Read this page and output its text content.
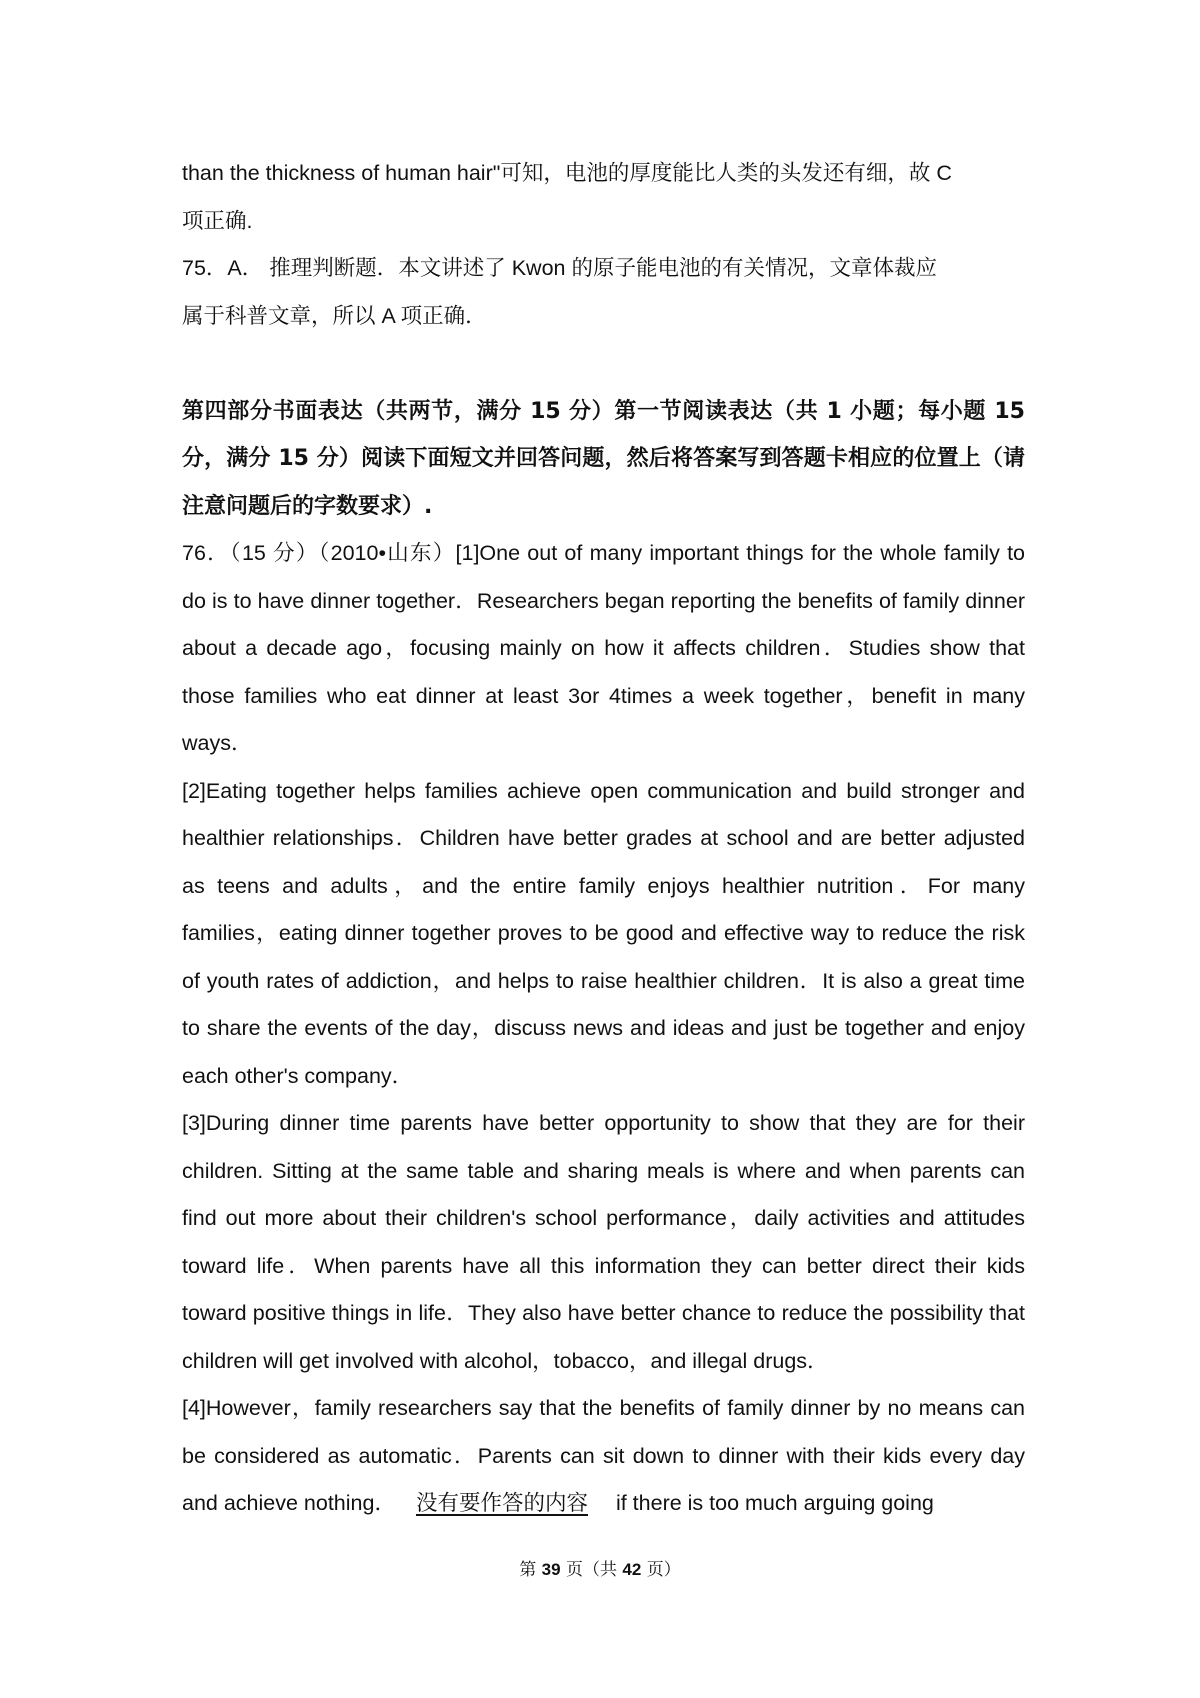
than the thickness of human hair"可知，电池的厚度能比人类的头发还有细，故 C
项正确.

75．A． 推理判断题．本文讲述了 Kwon 的原子能电池的有关情况，文章体裁应
属于科普文章，所以 A 项正确．

第四部分书面表达（共两节，满分 15 分）第一节阅读表达（共 1 小题；每小题 15 分，满分 15 分）阅读下面短文并回答问题，然后将答案写到答题卡相应的位置上（请注意问题后的字数要求）.

76．（15 分）（2010•山东）[1]One out of many important things for the whole family to do is to have dinner together．Researchers began reporting the benefits of family dinner about a decade ago，focusing mainly on how it affects children．Studies show that those families who eat dinner at least 3or 4times a week together，benefit in many ways．

[2]Eating together helps families achieve open communication and build stronger and healthier relationships．Children have better grades at school and are better adjusted as teens and adults，and the entire family enjoys healthier nutrition．For many families，eating dinner together proves to be good and effective way to reduce the risk of youth rates of addiction，and helps to raise healthier children．It is also a great time to share the events of the day，discuss news and ideas and just be together and enjoy each other's company．

[3]During dinner time parents have better opportunity to show that they are for their children. Sitting at the same table and sharing meals is where and when parents can find out more about their children's school performance，daily activities and attitudes toward life．When parents have all this information they can better direct their kids toward positive things in life．They also have better chance to reduce the possibility that children will get involved with alcohol，tobacco，and illegal drugs．

[4]However，family researchers say that the benefits of family dinner by no means can be considered as automatic．Parents can sit down to dinner with their kids every day and achieve nothing． 没有要作答的内容 if there is too much arguing going

第 39 页（共 42 页）
